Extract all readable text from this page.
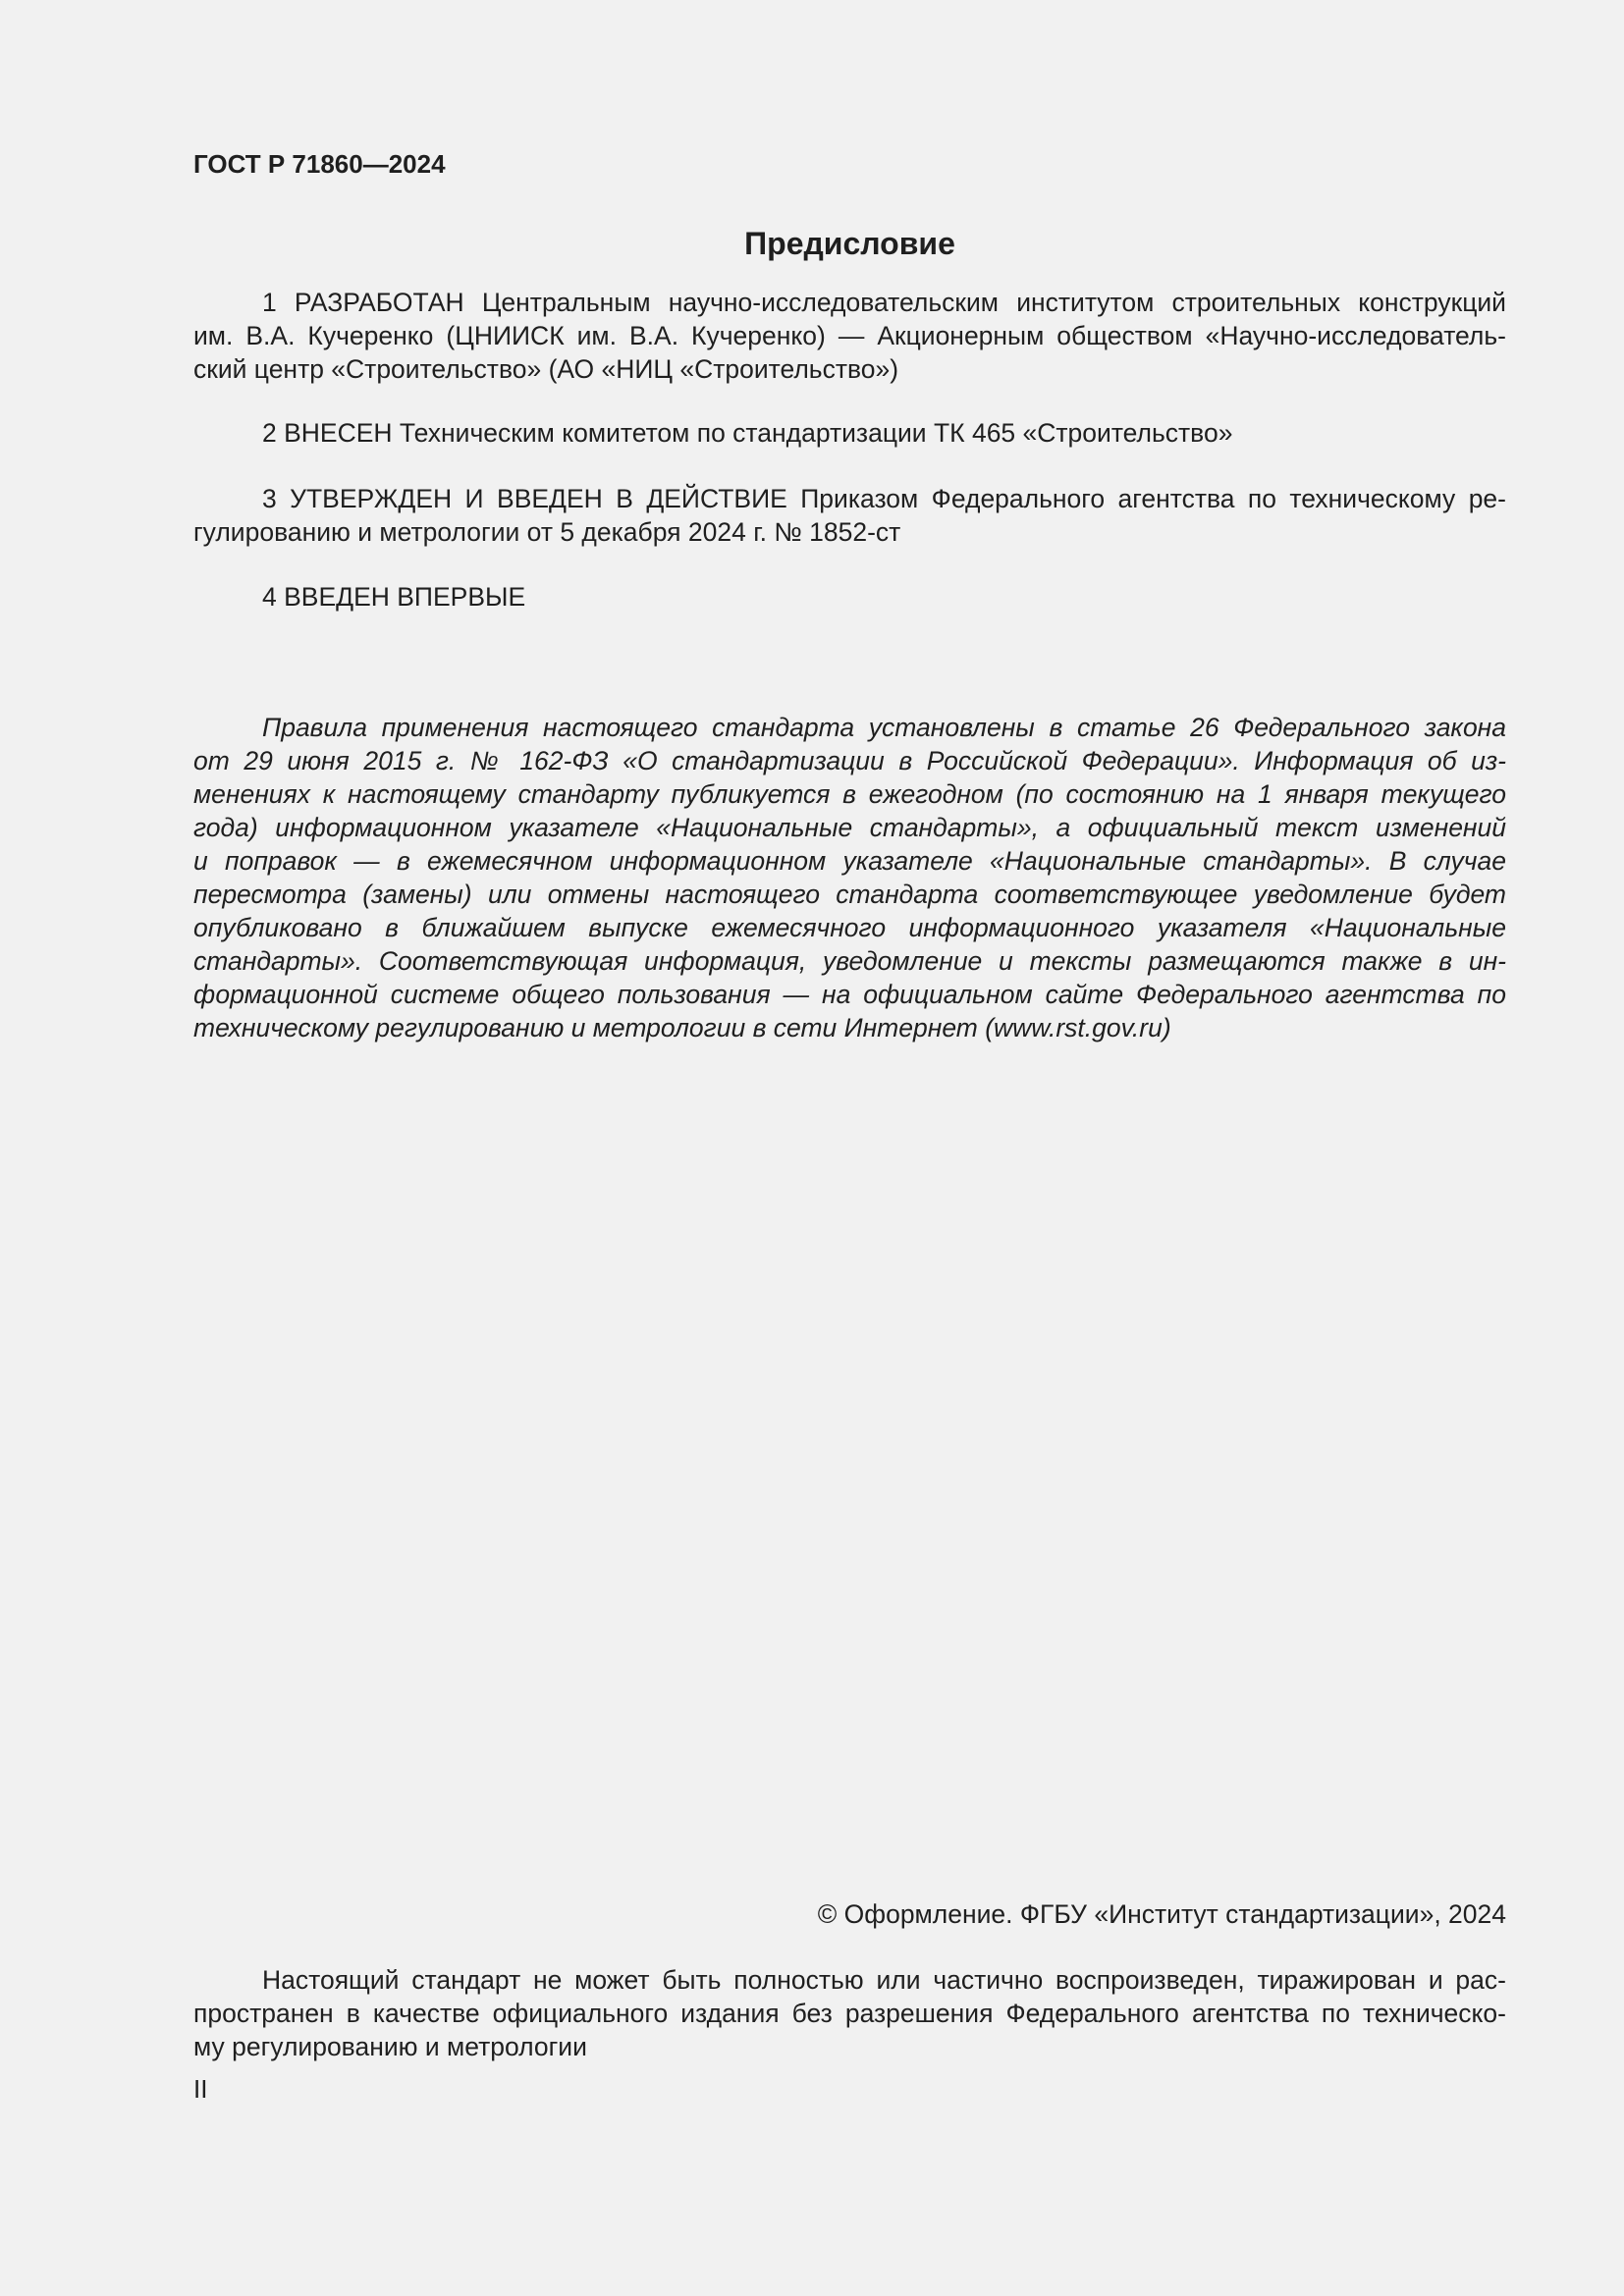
ГОСТ Р 71860—2024
Предисловие
1 РАЗРАБОТАН Центральным научно-исследовательским институтом строительных конструкций
им. В.А. Кучеренко (ЦНИИСК им. В.А. Кучеренко) — Акционерным обществом «Научно-исследователь-
ский центр «Строительство» (АО «НИЦ «Строительство»)
2 ВНЕСЕН Техническим комитетом по стандартизации ТК 465 «Строительство»
3 УТВЕРЖДЕН И ВВЕДЕН В ДЕЙСТВИЕ Приказом Федерального агентства по техническому ре-
гулированию и метрологии от 5 декабря 2024 г. № 1852-ст
4 ВВЕДЕН ВПЕРВЫЕ
Правила применения настоящего стандарта установлены в статье 26 Федерального закона
от 29 июня 2015 г. № 162-ФЗ «О стандартизации в Российской Федерации». Информация об из-
менениях к настоящему стандарту публикуется в ежегодном (по состоянию на 1 января текущего
года) информационном указателе «Национальные стандарты», а официальный текст изменений
и поправок — в ежемесячном информационном указателе «Национальные стандарты». В случае
пересмотра (замены) или отмены настоящего стандарта соответствующее уведомление будет
опубликовано в ближайшем выпуске ежемесячного информационного указателя «Национальные
стандарты». Соответствующая информация, уведомление и тексты размещаются также в ин-
формационной системе общего пользования — на официальном сайте Федерального агентства по
техническому регулированию и метрологии в сети Интернет (www.rst.gov.ru)
© Оформление. ФГБУ «Институт стандартизации», 2024
Настоящий стандарт не может быть полностью или частично воспроизведен, тиражирован и рас-
пространен в качестве официального издания без разрешения Федерального агентства по техническо-
му регулированию и метрологии
II
